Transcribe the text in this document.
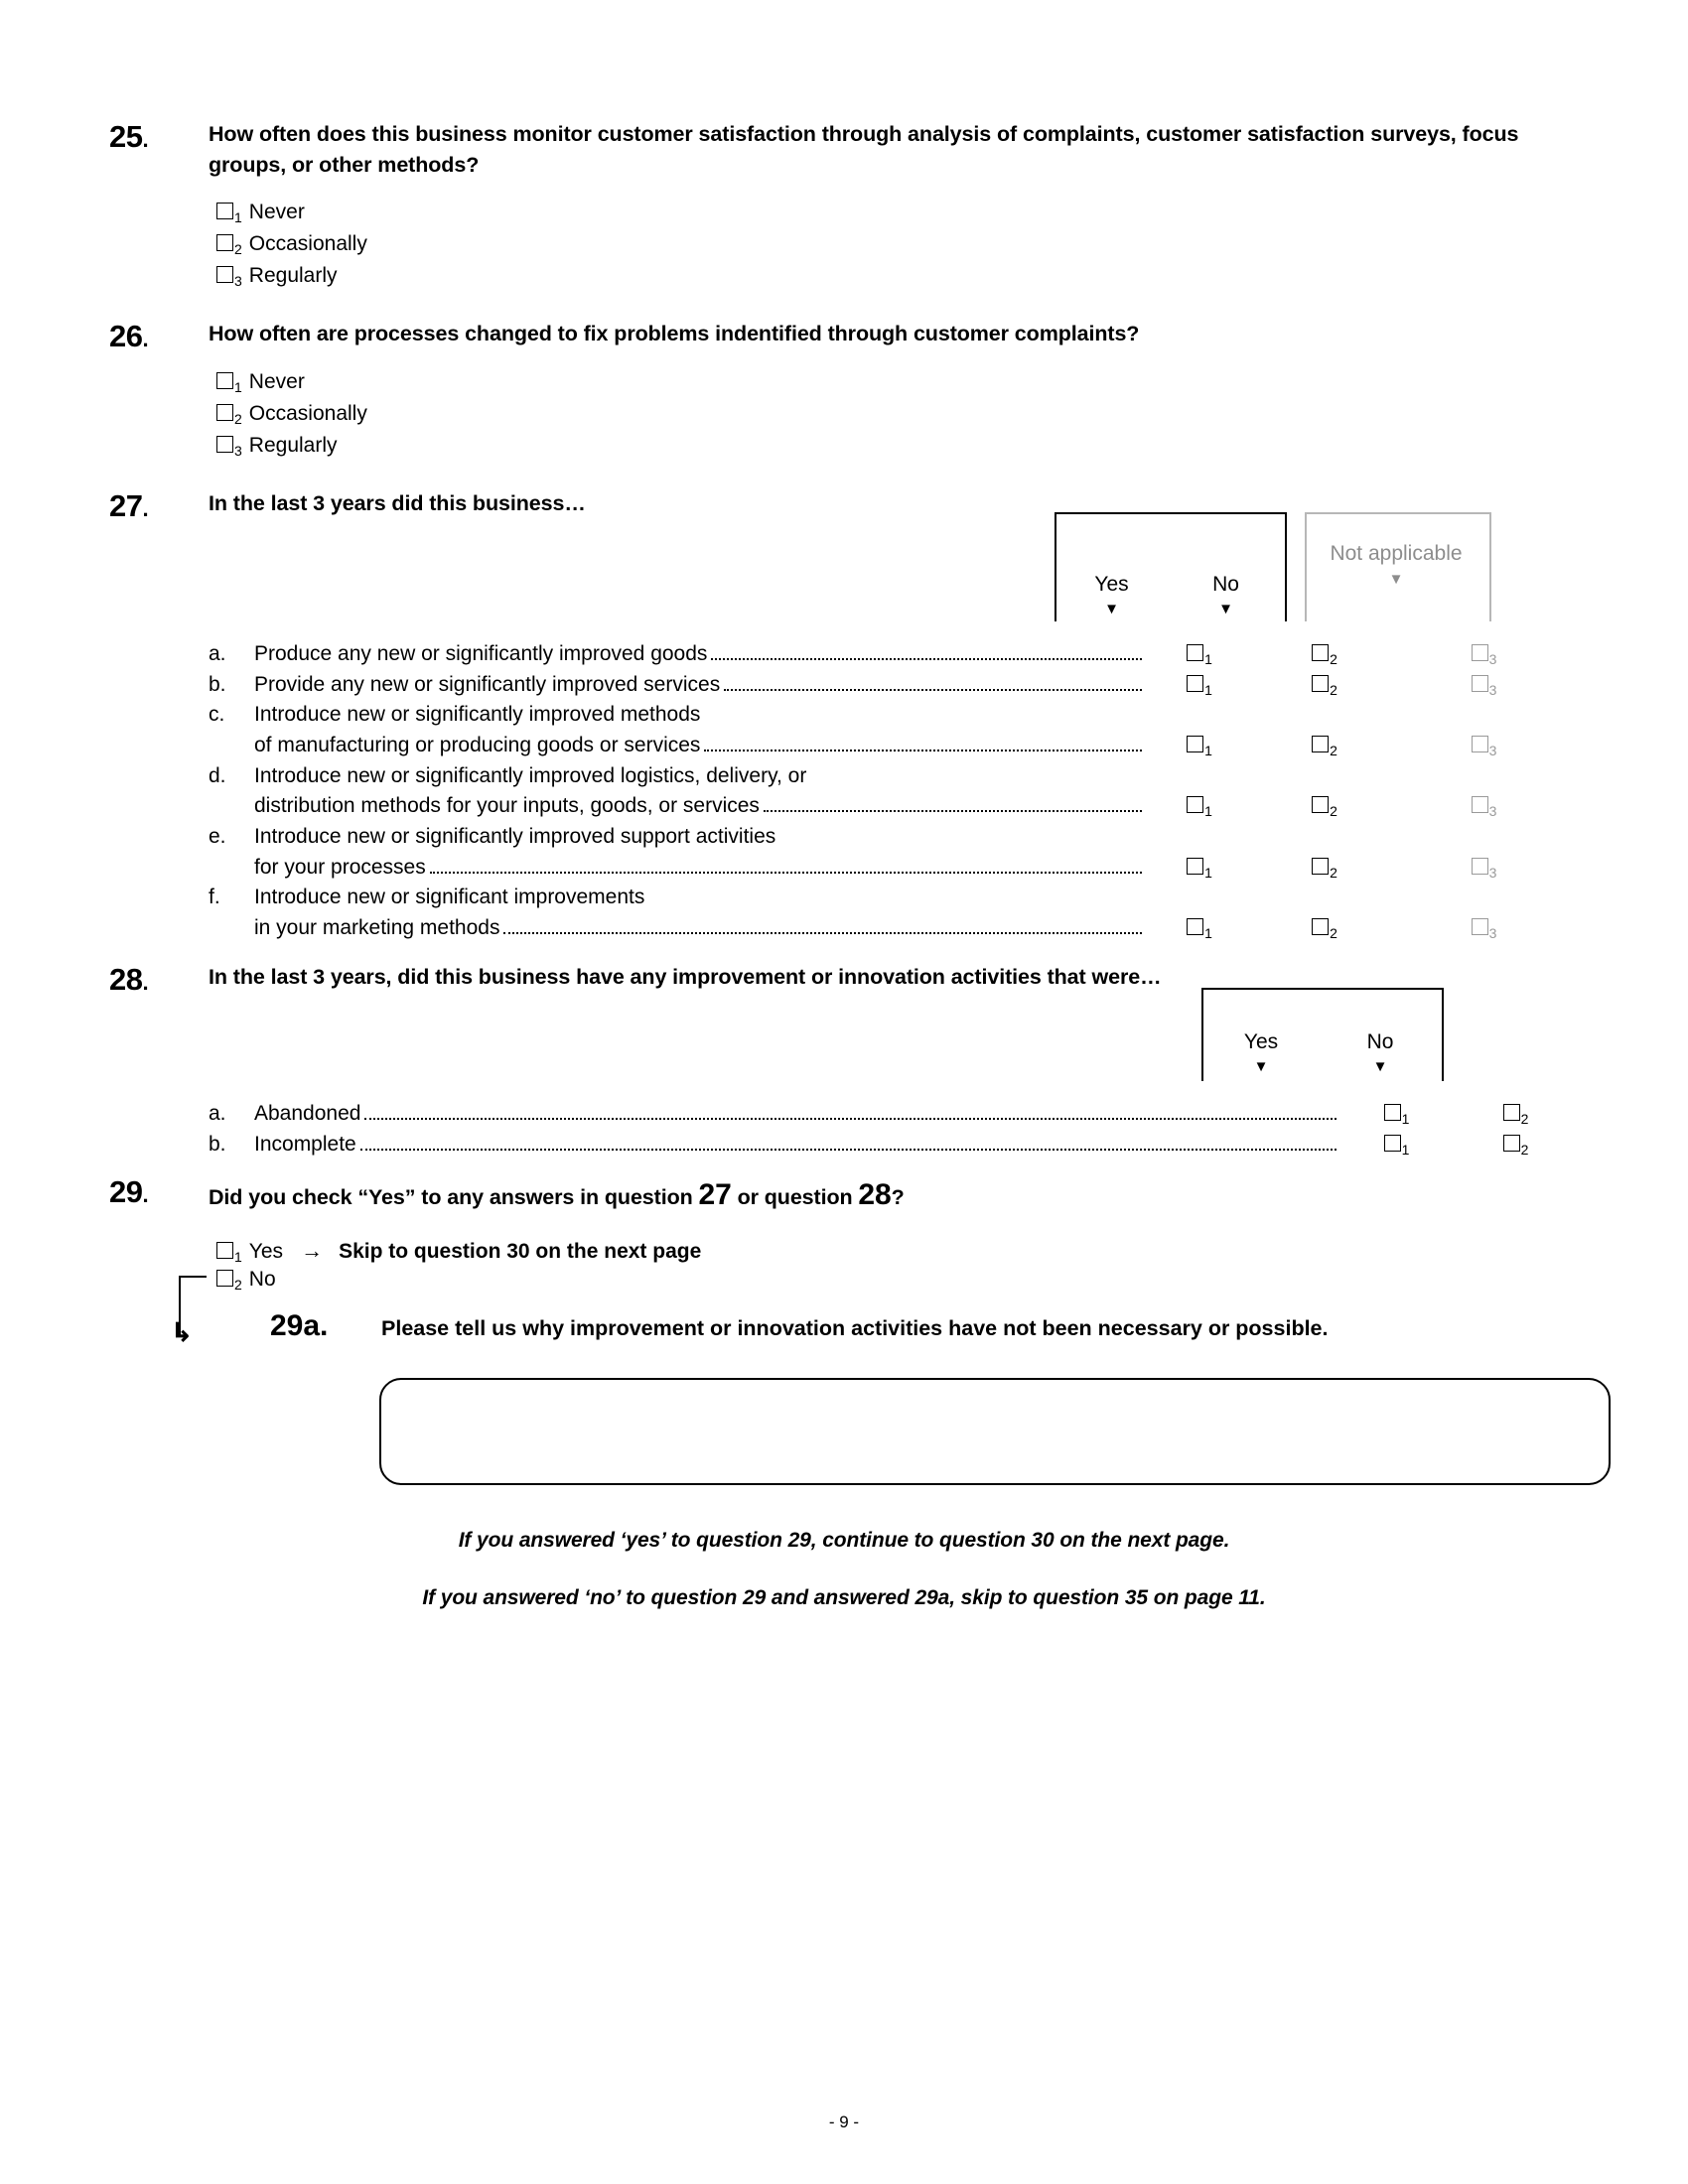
25.	How often does this business monitor customer satisfaction through analysis of complaints, customer satisfaction surveys, focus groups, or other methods?
1 Never
2 Occasionally
3 Regularly
26.	How often are processes changed to fix problems indentified through customer complaints?
1 Never
2 Occasionally
3 Regularly
27.	In the last 3 years did this business…
Yes
▼
No
▼
Not applicable
▼
a.	Produce any new or significantly improved goods	1	2	3
b.	Provide any new or significantly improved services	1	2	3
c.	Introduce new or significantly improved methods
of manufacturing or producing goods or services	1	2	3
d.	Introduce new or significantly improved logistics, delivery, or
distribution methods for your inputs, goods, or services	1	2	3
e.	Introduce new or significantly improved support activities
for your processes	1	2	3
f.	Introduce new or significant improvements
in your marketing methods	1	2	3
28.	In the last 3 years, did this business have any improvement or innovation activities that were…
Yes
▼
No
▼
a.	Abandoned	1	2
b.	Incomplete	1	2
29.	Did you check “Yes” to any answers in question 27 or question 28?
1 Yes → Skip to question 30 on the next page
2 No
↳	29a. Please tell us why improvement or innovation activities have not been necessary or possible.
If you answered ‘yes’ to question 29, continue to question 30 on the next page.
If you answered ‘no’ to question 29 and answered 29a, skip to question 35 on page 11.
- 9 -
